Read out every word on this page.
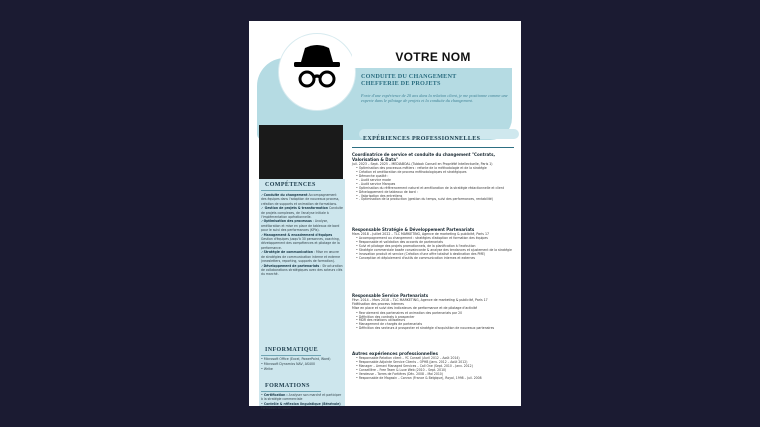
VOTRE NOM
CONDUITE DU CHANGEMENT
CHEFFERIE DE PROJETS
Forte d'une expérience de 20 ans dans la relation client, je me positionne comme une experte dans le pilotage de projets et la conduite du changement.
COMPÉTENCES
✓Conduite du changement Accompagnement des équipes dans l'adoption de nouveaux process, création de supports et animation de formations.
✓ Gestion de projets & transformation Conduite de projets complexes, de l'analyse initiale à l'implémentation opérationnelle.
✓Optimisation des processus : Analyse, amélioration et mise en place de tableaux de bord pour le suivi des performances (KPIs).
✓Management & encadrement d'équipes Gestion d'équipes jusqu'à 30 personnes, coaching, développement des compétences et pilotage de la performance.
✓Stratégie de communication : Mise en œuvre de stratégies de communication interne et externe (newsletters, reporting, supports de formation).
✓Développement de partenariats : Structuration de collaborations stratégiques avec des acteurs clés du marché.
INFORMATIQUE
• Microsoft Office (Excel, PowerPoint, Word)
• Microsoft Dynamics NAV, AS400
• Wrike
FORMATIONS
• Certification : Analyser son marché et participer à la stratégie commerciale
• Contrôle & réflexion linguistique (Bénévole) Formation en cours
EXPÉRIENCES PROFESSIONNELLES
Coordinatrice de service et conduite du changement "Contrats, Valorisation & Data"
Juil. 2023 – Sept. 2025 – MEDIABOAL (Tubbok Conseil en Propriété Intellectuelle, Paris 1)
• Optimisation des processus métiers : refonte de la méthodologie et de la stratégie
• Création et amélioration de process méthodologiques et stratégiques
• Démarche qualité :
• - Audit service mode
• - Audit service Marques
• Optimisation du référencement naturel et amélioration de la stratégie rédactionnelle et client
• Développement de tableaux de bord :
• - Valorisation des entretiens
• - Optimisation de la production (gestion du temps, suivi des performances, rentabilité)
Responsable Stratégie & Développement Partenariats
Mars 2018 – Juillet 2022 – TLC MARKETING, Agence de marketing & publicité, Paris 17
• Accompagnement au changement : stratégies d'adoption et formation des équipes
• Responsable et validation des accords de partenariats
• Suivi et pilotage des projets promotionnels, de la planification à l'exécution
• Stratégie commerciale basée convaincante & analyse des tendances et ajustement de la stratégie
• Innovation produit et service (Création d'une offre totalisé à destination des PME)
• Conception et déploiement d'outils de communication internes et externes
Responsable Service Partenariats
Févr. 2014 – Mars 2018 – TLC MARKETING, Agence de marketing & publicité, Paris 17
Fidélisation des process internes
Mise en place et suivi des indicateurs de performance et de pilotage d'activité
• Recrutement des partenaires et animation des partenariats par 20
• Définition des contrats à prospecter
• MDR des relations utilisateurs
• Management de chargés de partenariats
• Définition des secteurs à prospecter et stratégie d'acquisition de nouveaux partenaires
Autres expériences professionnelles
• Responsable Relation client – YC Conseil (Avril 2012 – Août 2014)
• Responsable Adjointe Service Clients – OPHB (Janv. 2012 – Août 2012)
• Manager – Armani Managed Services – Call One (Sept. 2010 – Janv. 2012)
• Conseillère – Free Team & Luxe Web (2010 – Sept. 2010)
• Vendeuse – Torres de Fortières (Déc. 2008 – Mai 2010)
• Responsable de Magasin – Conran (France & Belgique), Royal, 1998 – Juil. 2008
